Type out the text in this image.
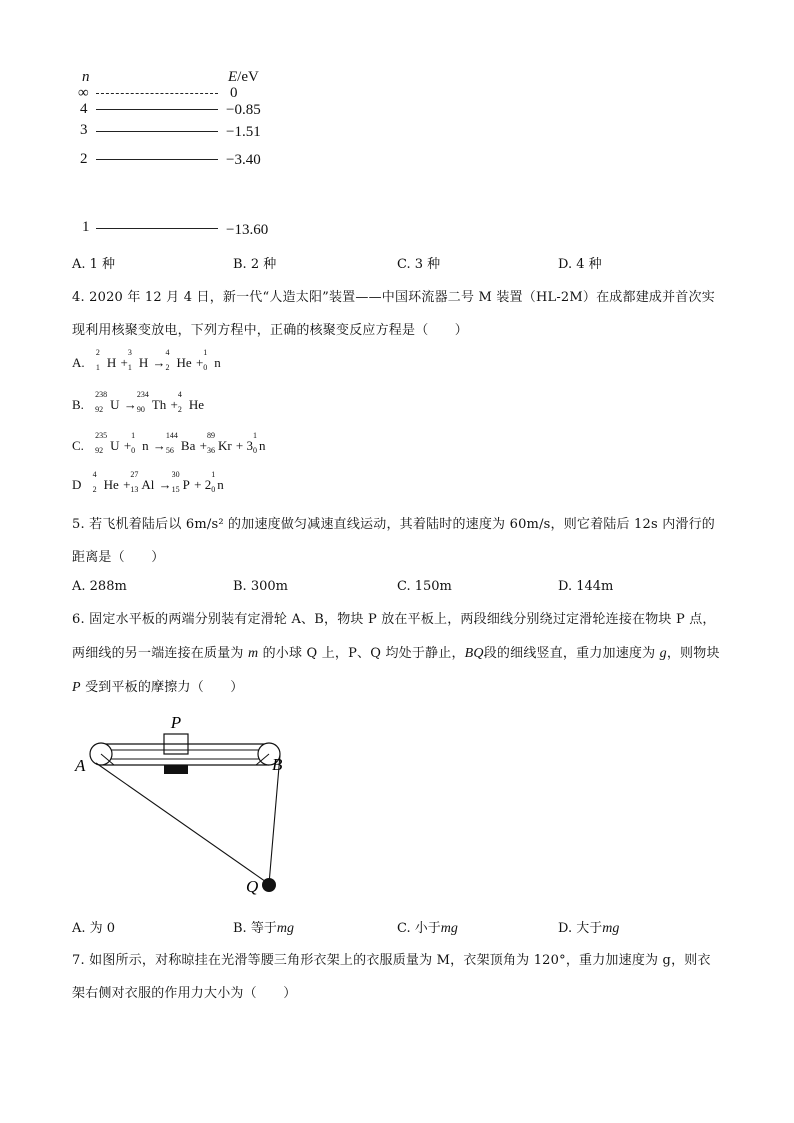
n	E/eV
∞	0
4	−0.85
3	−1.51
2	−3.40
1	−13.60
A. 1 种	B. 2 种	C. 3 种	D. 4 种
4. 2020 年 12 月 4 日，新一代“人造太阳”装置——中国环流器二号 M 装置（HL-2M）在成都建成并首次实现利用核聚变放电，下列方程中，正确的核聚变反应方程是（　　）
A.
2
1 H +
3
1 H →
4
2 He +
1
0 n
B.
238
92 U →
234
90 Th +
4
2 He
C.
235
92 U +
1
0 n →
144
56 Ba +
89
36 Kr + 3
1
0 n
D
4
2 He +
27
13 Al →
30
15 P + 2
1
0 n
5. 若飞机着陆后以 6m/s² 的加速度做匀减速直线运动，其着陆时的速度为 60m/s，则它着陆后 12s 内滑行的距离是（　　）
A. 288m	B. 300m	C. 150m	D. 144m
6. 固定水平板的两端分别装有定滑轮 A、B，物块 P 放在平板上，两段细线分别绕过定滑轮连接在物块 P 点，两细线的另一端连接在质量为 m 的小球 Q 上，P、Q 均处于静止，BQ段的细线竖直，重力加速度为 g，则物块 P 受到平板的摩擦力（　　）
P
A	B
Q
A. 为 0	B. 等于mg	C. 小于mg	D. 大于mg
7. 如图所示，对称晾挂在光滑等腰三角形衣架上的衣服质量为 M，衣架顶角为 120°，重力加速度为 g，则衣架右侧对衣服的作用力大小为（　　）
